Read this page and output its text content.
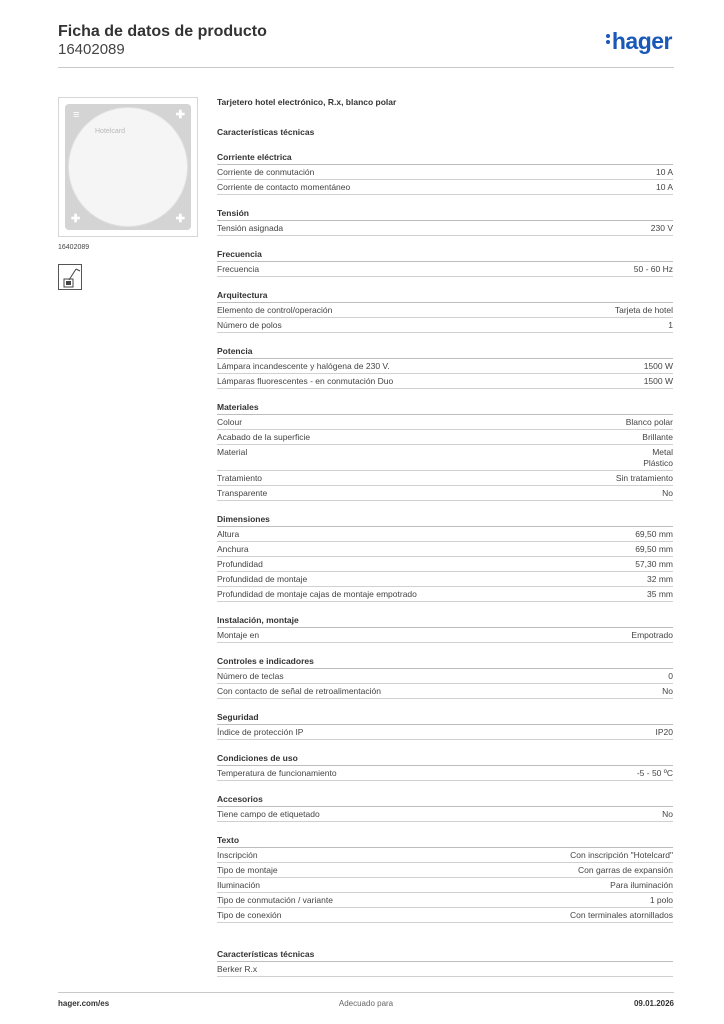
Ficha de datos de producto
16402089	hager
≡	✚
✚	✚
Hotelcard
16402089
Tarjetero hotel electrónico, R.x, blanco polar
Características técnicas
Corriente eléctrica
Corriente de conmutación	10 A
Corriente de contacto momentáneo	10 A
Tensión
Tensión asignada	230 V
Frecuencia
Frecuencia	50 - 60 Hz
Arquitectura
Elemento de control/operación	Tarjeta de hotel
Número de polos	1
Potencia
Lámpara incandescente y halógena de 230 V.	1500 W
Lámparas fluorescentes - en conmutación Duo	1500 W
Materiales
Colour	Blanco polar
Acabado de la superficie	Brillante
Material	Metal
Plástico
Tratamiento	Sin tratamiento
Transparente	No
Dimensiones
Altura	69,50 mm
Anchura	69,50 mm
Profundidad	57,30 mm
Profundidad de montaje	32 mm
Profundidad de montaje cajas de montaje empotrado	35 mm
Instalación, montaje
Montaje en	Empotrado
Controles e indicadores
Número de teclas	0
Con contacto de señal de retroalimentación	No
Seguridad
Índice de protección IP	IP20
Condiciones de uso
Temperatura de funcionamiento	-5 - 50 ºC
Accesorios
Tiene campo de etiquetado	No
Texto
Inscripción	Con inscripción "Hotelcard"
Tipo de montaje	Con garras de expansión
Iluminación	Para iluminación
Tipo de conmutación / variante	1 polo
Tipo de conexión	Con terminales atornillados
Características técnicas
Berker R.x
hager.com/es	Adecuado para	09.01.2026
